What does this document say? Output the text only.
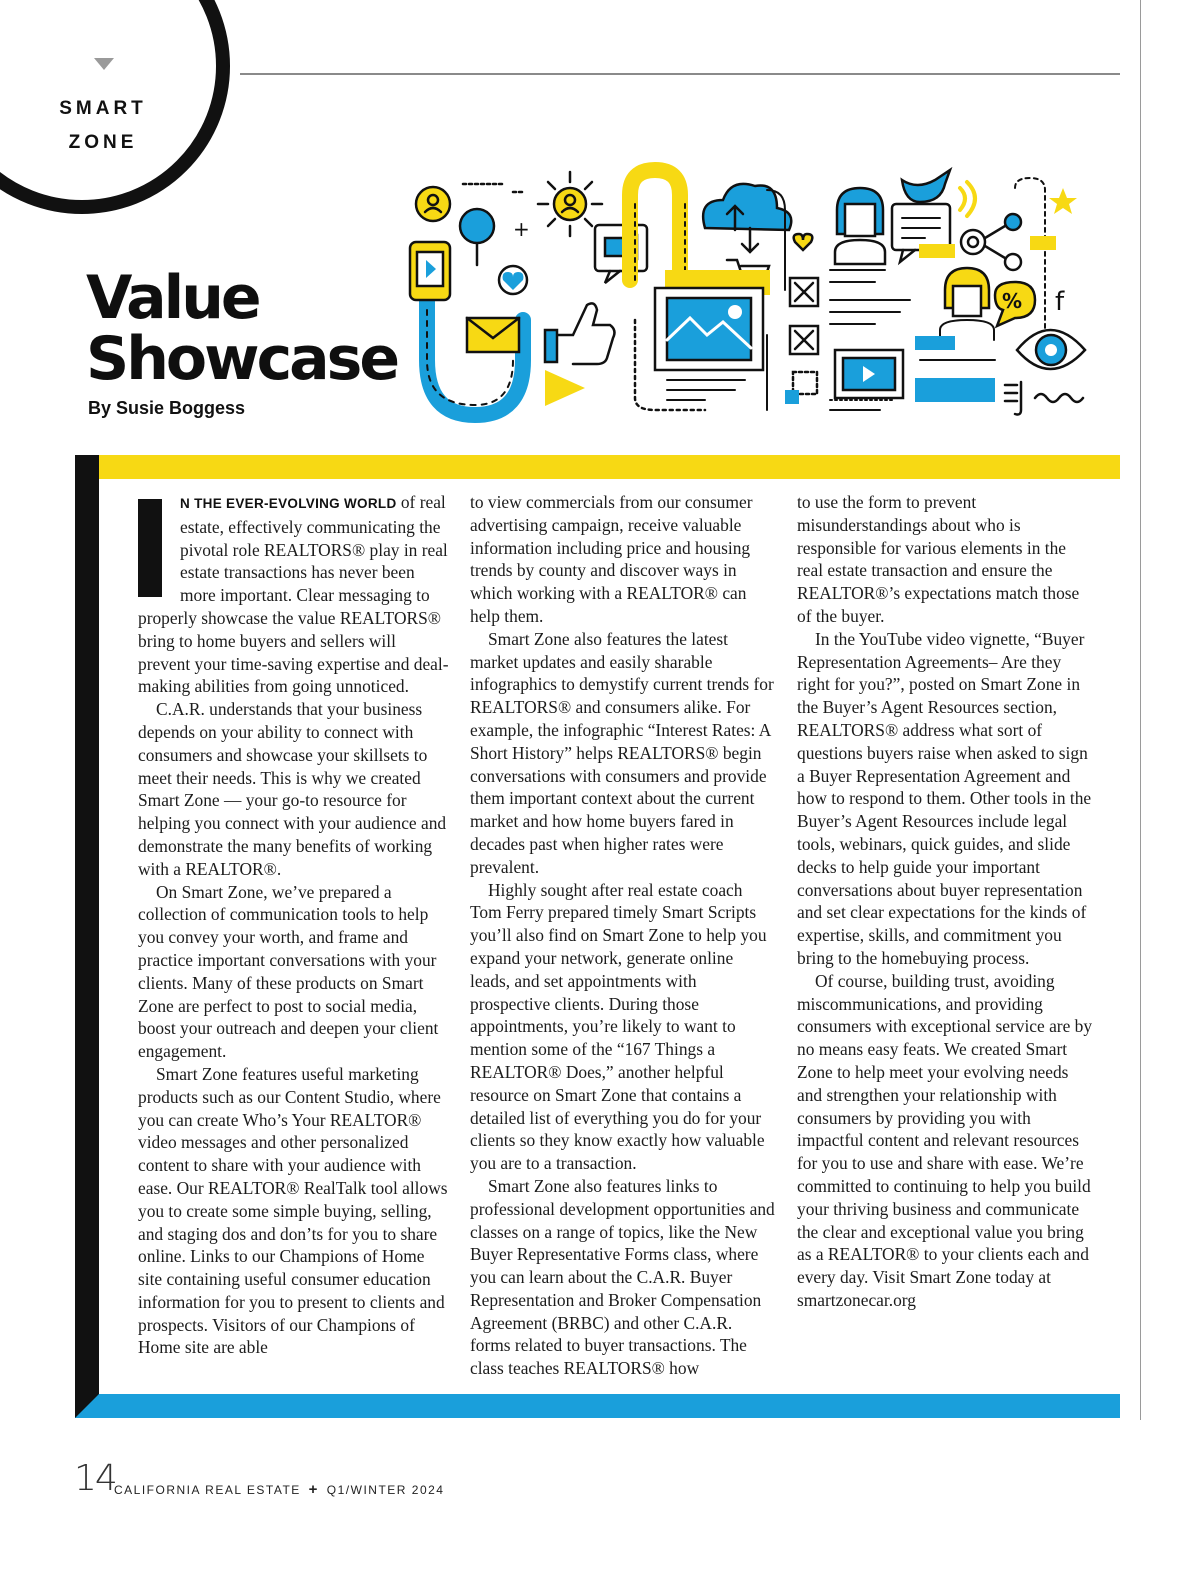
SMART
ZONE
Value
Showcase
By Susie Boggess
+
% f

N THE EVER-EVOLVING WORLD of real estate, effectively communicating the pivotal role REALTORS® play in real estate transactions has never been more important. Clear messaging to properly showcase the value REALTORS® bring to home buyers and sellers will prevent your time-saving expertise and deal-making abilities from going unnoticed.

C.A.R. understands that your business depends on your ability to connect with consumers and showcase your skillsets to meet their needs. This is why we created Smart Zone — your go-to resource for helping you connect with your audience and demonstrate the many benefits of working with a REALTOR®.

On Smart Zone, we’ve prepared a collection of communication tools to help you convey your worth, and frame and practice important conversations with your clients. Many of these products on Smart Zone are perfect to post to social media, boost your outreach and deepen your client engagement.

Smart Zone features useful marketing products such as our Content Studio, where you can create Who’s Your REALTOR® video messages and other personalized content to share with your audience with ease. Our REALTOR® RealTalk tool allows you to create some simple buying, selling, and staging dos and don’ts for you to share online. Links to our Champions of Home site containing useful consumer education information for you to present to clients and prospects. Visitors of our Champions of Home site are able

to view commercials from our consumer advertising campaign, receive valuable information including price and housing trends by county and discover ways in which working with a REALTOR® can help them.

Smart Zone also features the latest market updates and easily sharable infographics to demystify current trends for REALTORS® and consumers alike. For example, the infographic “Interest Rates: A Short History” helps REALTORS® begin conversations with consumers and provide them important context about the current market and how home buyers fared in decades past when higher rates were prevalent.

Highly sought after real estate coach Tom Ferry prepared timely Smart Scripts you’ll also find on Smart Zone to help you expand your network, generate online leads, and set appointments with prospective clients. During those appointments, you’re likely to want to mention some of the “167 Things a REALTOR® Does,” another helpful resource on Smart Zone that contains a detailed list of everything you do for your clients so they know exactly how valuable you are to a transaction.

Smart Zone also features links to professional development opportunities and classes on a range of topics, like the New Buyer Representative Forms class, where you can learn about the C.A.R. Buyer Representation and Broker Compensation Agreement (BRBC) and other C.A.R. forms related to buyer transactions. The class teaches REALTORS® how

to use the form to prevent misunderstandings about who is responsible for various elements in the real estate transaction and ensure the REALTOR®’s expectations match those of the buyer.

In the YouTube video vignette, “Buyer Representation Agreements– Are they right for you?”, posted on Smart Zone in the Buyer’s Agent Resources section, REALTORS® address what sort of questions buyers raise when asked to sign a Buyer Representation Agreement and how to respond to them. Other tools in the Buyer’s Agent Resources include legal tools, webinars, quick guides, and slide decks to help guide your important conversations about buyer representation and set clear expectations for the kinds of expertise, skills, and commitment you bring to the homebuying process.

Of course, building trust, avoiding miscommunications, and providing consumers with exceptional service are by no means easy feats. We created Smart Zone to help meet your evolving needs and strengthen your relationship with consumers by providing you with impactful content and relevant resources for you to use and share with ease. We’re committed to continuing to help you build your thriving business and communicate the clear and exceptional value you bring as a REALTOR® to your clients each and every day. Visit Smart Zone today at smartzonecar.org

14
CALIFORNIA REAL ESTATE + Q1/WINTER 2024
